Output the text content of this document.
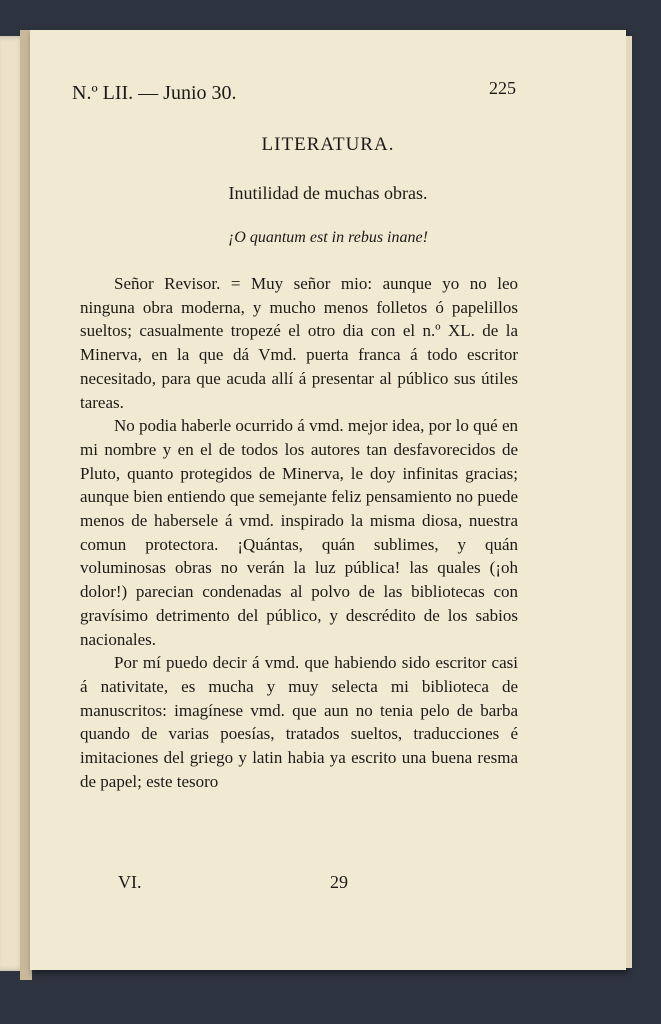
N.º LII. — Junio 30.	225
LITERATURA.
Inutilidad de muchas obras.
¡O quantum est in rebus inane!

Señor Revisor. = Muy señor mio: aunque yo no leo ninguna obra moderna, y mucho menos folletos ó papelillos sueltos; casualmente tropezé el otro dia con el n.º XL. de la Minerva, en la que dá Vmd. puerta franca á todo escritor necesitado, para que acuda allí á presentar al público sus útiles tareas.

No podia haberle ocurrido á vmd. mejor idea, por lo qué en mi nombre y en el de todos los autores tan desfavorecidos de Pluto, quanto protegidos de Minerva, le doy infinitas gracias; aunque bien entiendo que semejante feliz pensamiento no puede menos de habersele á vmd. inspirado la misma diosa, nuestra comun protectora. ¡Quántas, quán sublimes, y quán voluminosas obras no verán la luz pública! las quales (¡oh dolor!) parecian condenadas al polvo de las bibliotecas con gravísimo detrimento del público, y descrédito de los sabios nacionales.

Por mí puedo decir á vmd. que habiendo sido escritor casi á nativitate, es mucha y muy selecta mi biblioteca de manuscritos: imagínese vmd. que aun no tenia pelo de barba quando de varias poesías, tratados sueltos, traducciones é imitaciones del griego y latin habia ya escrito una buena resma de papel; este tesoro

VI.	29
